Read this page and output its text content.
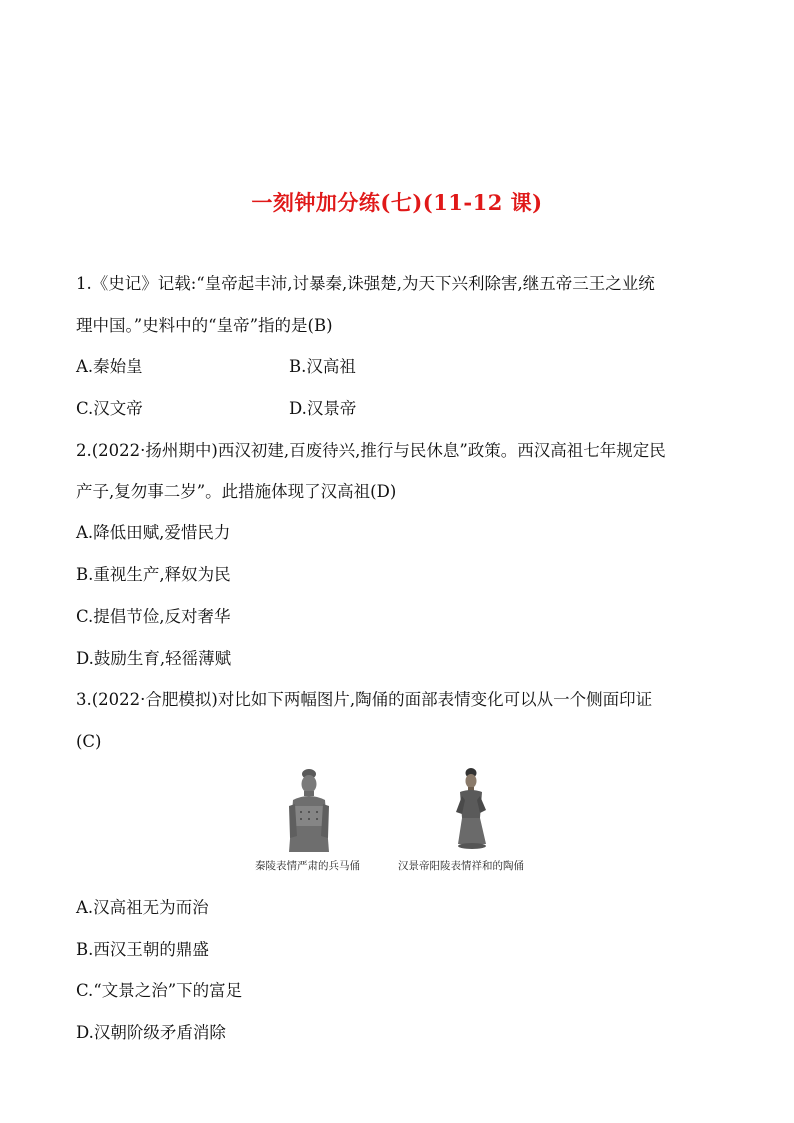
一刻钟加分练(七)(11-12 课)
1.《史记》记载:“皇帝起丰沛,讨暴秦,诛强楚,为天下兴利除害,继五帝三王之业统
理中国。”史料中的“皇帝”指的是(B)
A.秦始皇	B.汉高祖
C.汉文帝	D.汉景帝
2.(2022·扬州期中)西汉初建,百废待兴,推行与民休息”政策。西汉高祖七年规定民
产子,复勿事二岁”。此措施体现了汉高祖(D)
A.降低田赋,爱惜民力
B.重视生产,释奴为民
C.提倡节俭,反对奢华
D.鼓励生育,轻徭薄赋
3.(2022·合肥模拟)对比如下两幅图片,陶俑的面部表情变化可以从一个侧面印证
(C)
秦陵表情严肃的兵马俑	汉景帝阳陵表情祥和的陶俑
A.汉高祖无为而治
B.西汉王朝的鼎盛
C.“文景之治”下的富足
D.汉朝阶级矛盾消除
